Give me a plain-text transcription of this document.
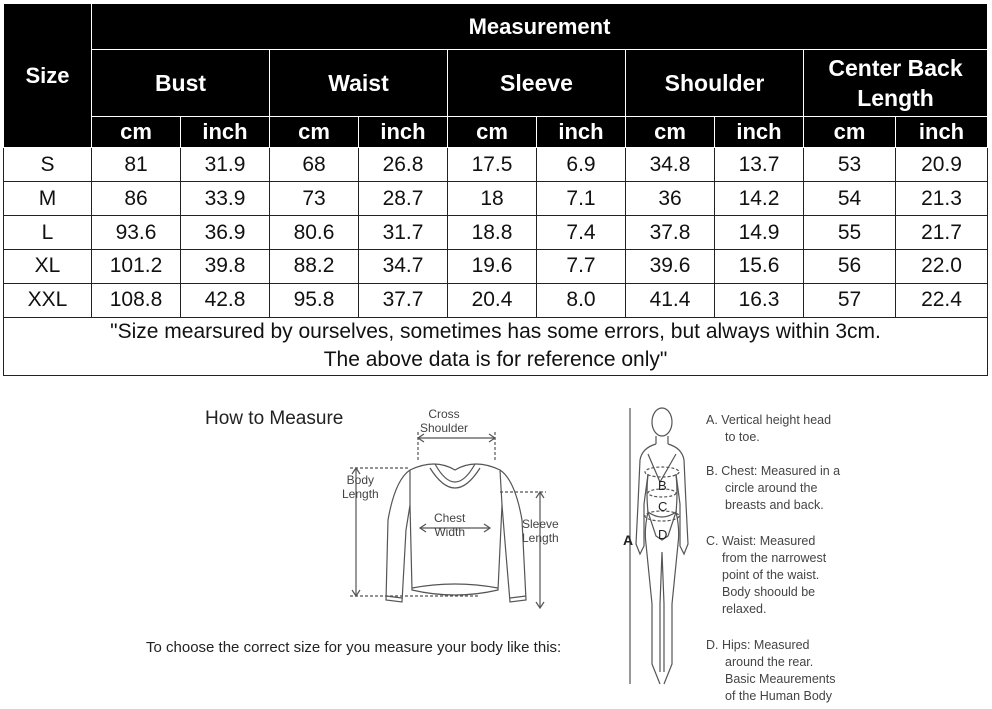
Size	Measurement									
	Bust		Waist		Sleeve		Shoulder		Center Back Length	
	cm	inch	cm	inch	cm	inch	cm	inch	cm	inch
S	81	31.9	68	26.8	17.5	6.9	34.8	13.7	53	20.9
M	86	33.9	73	28.7	18	7.1	36	14.2	54	21.3
L	93.6	36.9	80.6	31.7	18.8	7.4	37.8	14.9	55	21.7
XL	101.2	39.8	88.2	34.7	19.6	7.7	39.6	15.6	56	22.0
XXL	108.8	42.8	95.8	37.7	20.4	8.0	41.4	16.3	57	22.4
"Size mearsured by ourselves, sometimes has some errors, but always within 3cm.
The above data is for reference only"										
How to Measure
To choose the correct size for you measure your body like this:
Cross
Shoulder
Body
Length
Chest
Width
Sleeve
Length	A
B
C
D
A. Vertical height head
to toe.
B. Chest: Measured in a
circle around the
breasts and back.
C. Waist: Measured
from the narrowest
point of the waist.
Body shoould be
relaxed.
D. Hips: Measured
around the rear.
Basic Meaurements
of the Human Body
